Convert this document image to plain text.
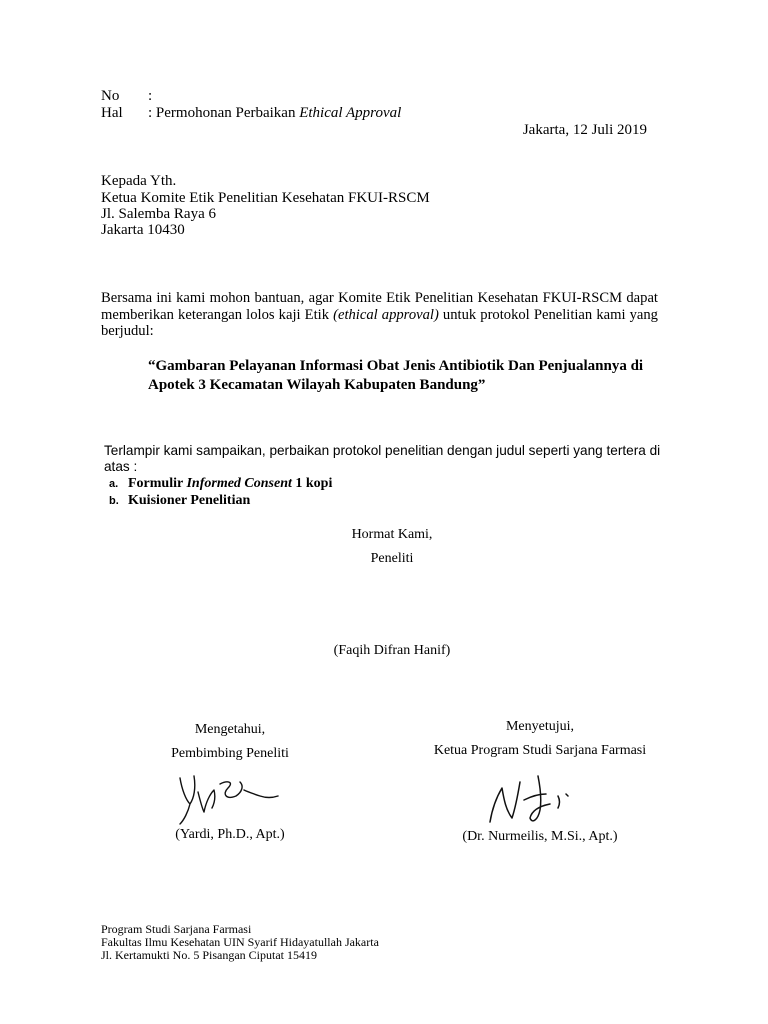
No :
Hal : Permohonan Perbaikan Ethical Approval
Jakarta, 12 Juli 2019
Kepada Yth.
Ketua Komite Etik Penelitian Kesehatan FKUI-RSCM
Jl. Salemba Raya 6
Jakarta 10430
Bersama ini kami mohon bantuan, agar Komite Etik Penelitian Kesehatan FKUI-RSCM dapat memberikan keterangan lolos kaji Etik (ethical approval) untuk protokol Penelitian kami yang berjudul:
“Gambaran Pelayanan Informasi Obat Jenis Antibiotik Dan Penjualannya di
Apotek 3 Kecamatan Wilayah Kabupaten Bandung”
Terlampir kami sampaikan, perbaikan protokol penelitian dengan judul seperti yang tertera di
atas :
a. Formulir Informed Consent 1 kopi
b. Kuisioner Penelitian
Hormat Kami,
Peneliti
(Faqih Difran Hanif)
Mengetahui,
Pembimbing Peneliti
(Yardi, Ph.D., Apt.)
Menyetujui,
Ketua Program Studi Sarjana Farmasi
(Dr. Nurmeilis, M.Si., Apt.)
Program Studi Sarjana Farmasi
Fakultas Ilmu Kesehatan UIN Syarif Hidayatullah Jakarta
Jl. Kertamukti No. 5 Pisangan Ciputat 15419
